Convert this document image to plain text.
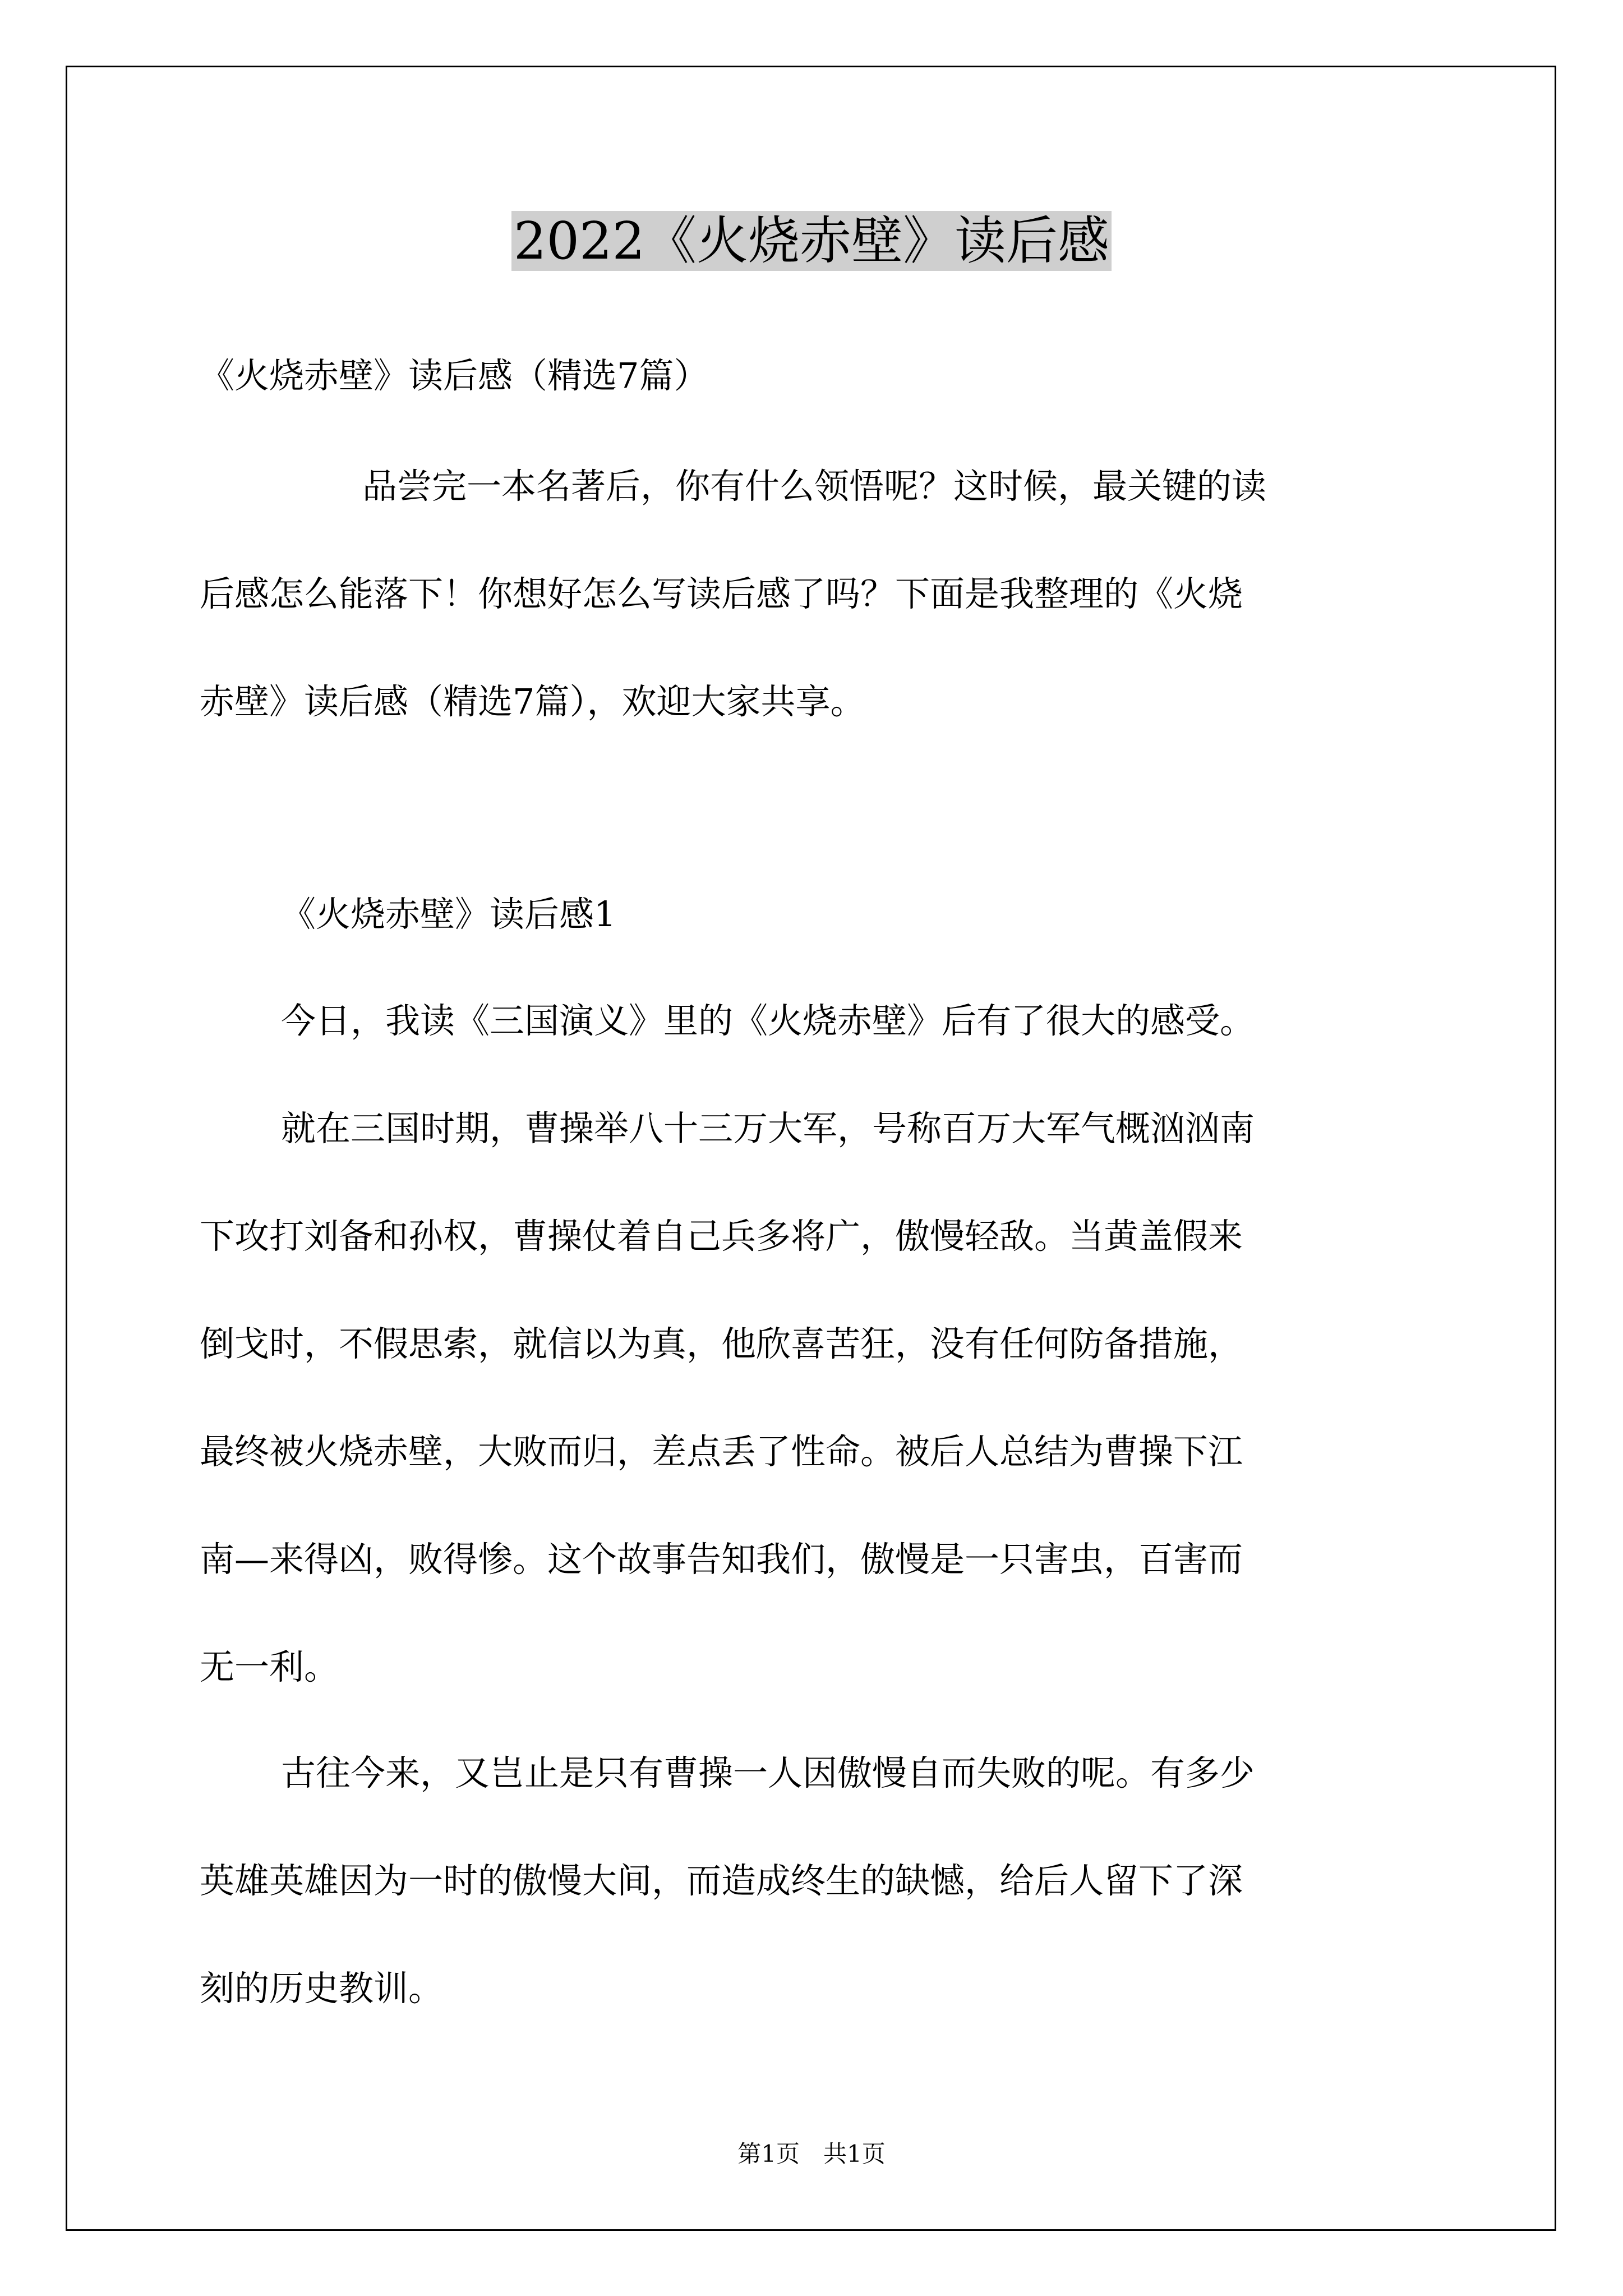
2022《火烧赤壁》读后感
《火烧赤壁》读后感（精选7篇）
品尝完一本名著后，你有什么领悟呢？这时候，最关键的读
后感怎么能落下！你想好怎么写读后感了吗？下面是我整理的《火烧
赤壁》读后感（精选7篇），欢迎大家共享。
《火烧赤壁》读后感1
今日，我读《三国演义》里的《火烧赤壁》后有了很大的感受。
就在三国时期，曹操举八十三万大军，号称百万大军气概汹汹南
下攻打刘备和孙权，曹操仗着自己兵多将广，傲慢轻敌。当黄盖假来
倒戈时，不假思索，就信以为真，他欣喜苦狂，没有任何防备措施，
最终被火烧赤壁，大败而归，差点丢了性命。被后人总结为曹操下江
南—来得凶，败得惨。这个故事告知我们，傲慢是一只害虫，百害而
无一利。
古往今来，又岂止是只有曹操一人因傲慢自而失败的呢。有多少
英雄英雄因为一时的傲慢大间，而造成终生的缺憾，给后人留下了深
刻的历史教训。
第1页　共1页
